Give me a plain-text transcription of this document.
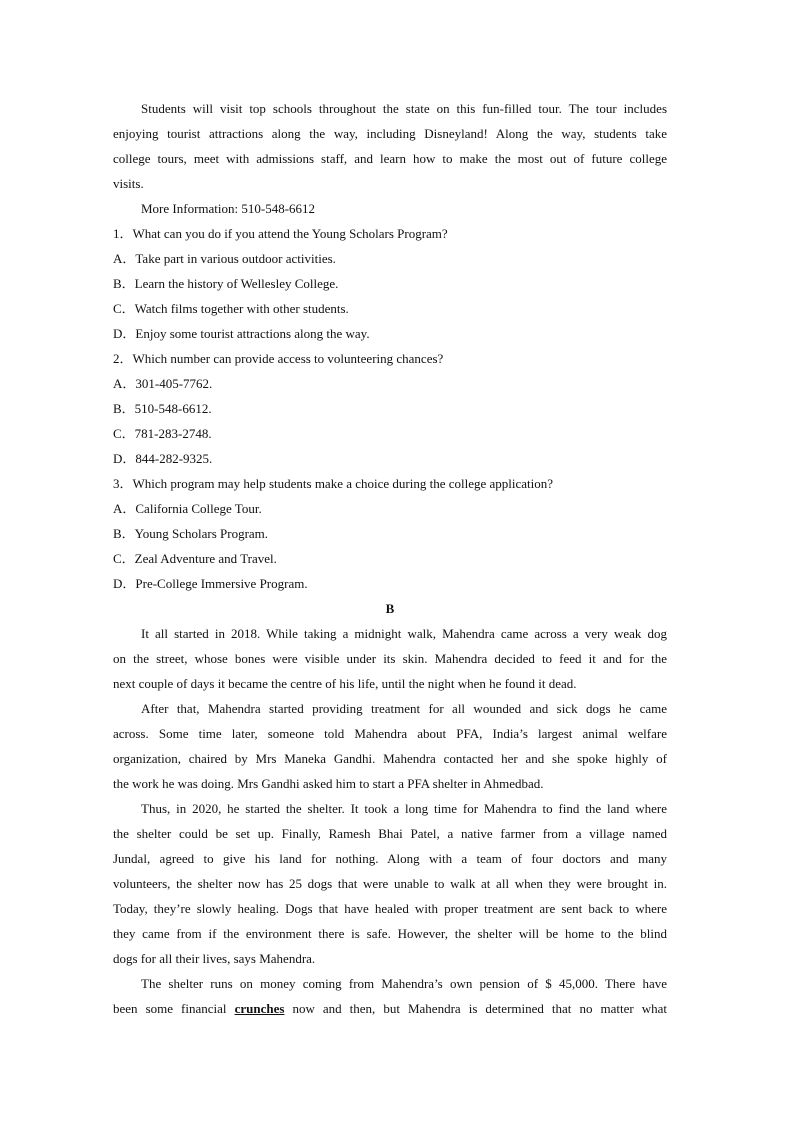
Students will visit top schools throughout the state on this fun-filled tour. The tour includes
enjoying tourist attractions along the way, including Disneyland! Along the way, students take
college tours, meet with admissions staff, and learn how to make the most out of future college
visits.
More Information: 510-548-6612
1．What can you do if you attend the Young Scholars Program?
A．Take part in various outdoor activities.
B．Learn the history of Wellesley College.
C．Watch films together with other students.
D．Enjoy some tourist attractions along the way.
2．Which number can provide access to volunteering chances?
A．301-405-7762.
B．510-548-6612.
C．781-283-2748.
D．844-282-9325.
3．Which program may help students make a choice during the college application?
A．California College Tour.
B．Young Scholars Program.
C．Zeal Adventure and Travel.
D．Pre-College Immersive Program.
B
It all started in 2018. While taking a midnight walk, Mahendra came across a very weak dog
on the street, whose bones were visible under its skin. Mahendra decided to feed it and for the
next couple of days it became the centre of his life, until the night when he found it dead.
After that, Mahendra started providing treatment for all wounded and sick dogs he came
across. Some time later, someone told Mahendra about PFA, India’s largest animal welfare
organization, chaired by Mrs Maneka Gandhi. Mahendra contacted her and she spoke highly of
the work he was doing. Mrs Gandhi asked him to start a PFA shelter in Ahmedbad.
Thus, in 2020, he started the shelter. It took a long time for Mahendra to find the land where
the shelter could be set up. Finally, Ramesh Bhai Patel, a native farmer from a village named
Jundal, agreed to give his land for nothing. Along with a team of four doctors and many
volunteers, the shelter now has 25 dogs that were unable to walk at all when they were brought in.
Today, they’re slowly healing. Dogs that have healed with proper treatment are sent back to where
they came from if the environment there is safe. However, the shelter will be home to the blind
dogs for all their lives, says Mahendra.
The shelter runs on money coming from Mahendra’s own pension of $ 45,000. There have
been some financial crunches now and then, but Mahendra is determined that no matter what
